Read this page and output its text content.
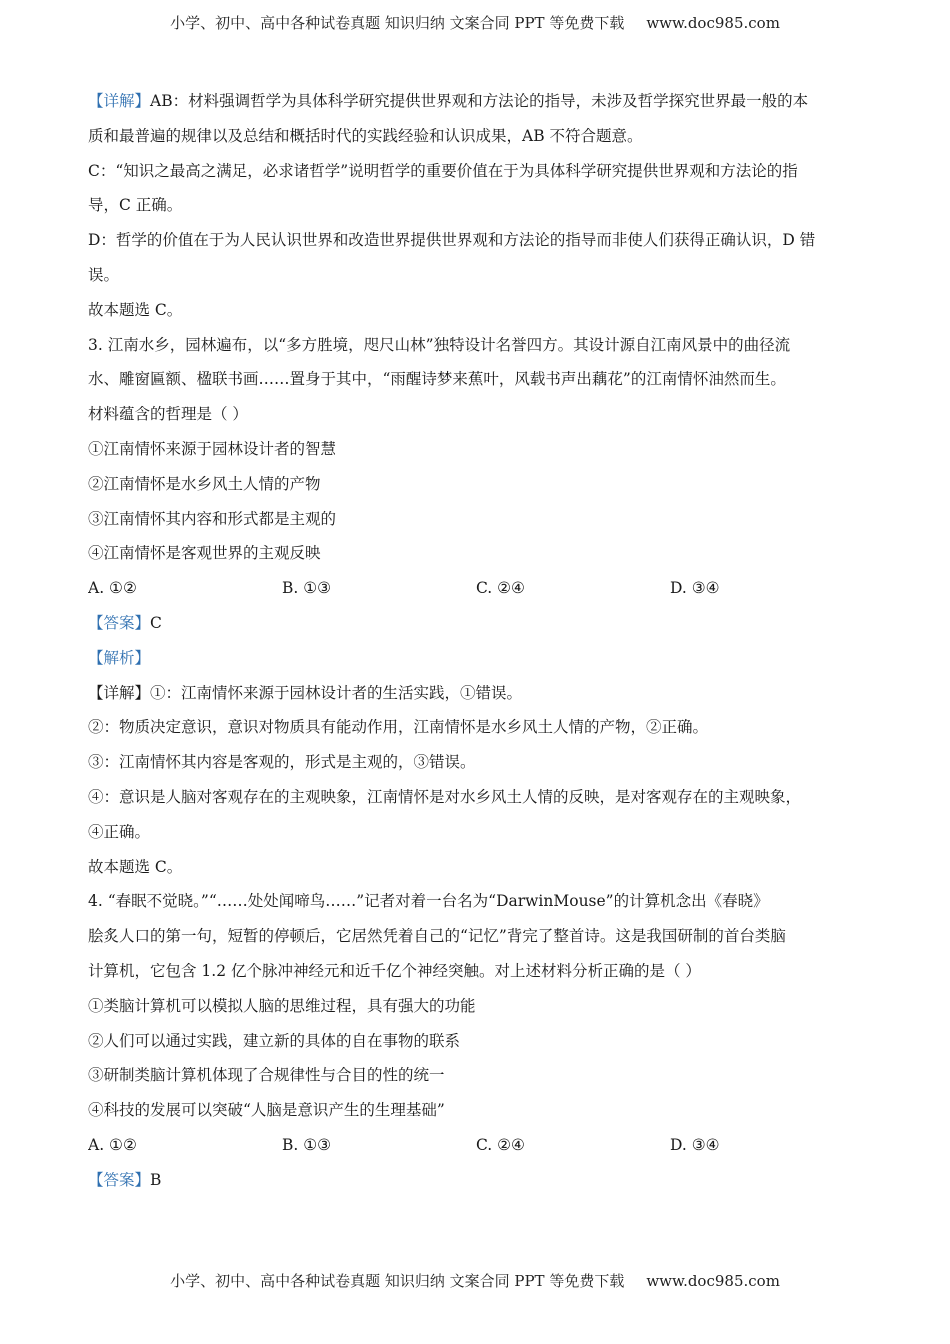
小学、初中、高中各种试卷真题 知识归纳 文案合同 PPT 等免费下载 www.doc985.com
【详解】AB：材料强调哲学为具体科学研究提供世界观和方法论的指导，未涉及哲学探究世界最一般的本
质和最普遍的规律以及总结和概括时代的实践经验和认识成果，AB 不符合题意。
C：“知识之最高之满足，必求诸哲学”说明哲学的重要价值在于为具体科学研究提供世界观和方法论的指
导，C 正确。
D：哲学的价值在于为人民认识世界和改造世界提供世界观和方法论的指导而非使人们获得正确认识，D 错
误。
故本题选 C。
3. 江南水乡，园林遍布，以“多方胜境，咫尺山林”独特设计名誉四方。其设计源自江南风景中的曲径流
水、雕窗匾额、楹联书画……置身于其中，“雨醒诗梦来蕉叶，风载书声出藕花”的江南情怀油然而生。
材料蕴含的哲理是（ ）
①江南情怀来源于园林设计者的智慧
②江南情怀是水乡风土人情的产物
③江南情怀其内容和形式都是主观的
④江南情怀是客观世界的主观反映
A. ①②	B. ①③	C. ②④	D. ③④
【答案】C
【解析】
【详解】①：江南情怀来源于园林设计者的生活实践，①错误。
②：物质决定意识，意识对物质具有能动作用，江南情怀是水乡风土人情的产物，②正确。
③：江南情怀其内容是客观的，形式是主观的，③错误。
④：意识是人脑对客观存在的主观映象，江南情怀是对水乡风土人情的反映，是对客观存在的主观映象，
④正确。
故本题选 C。
4. “春眠不觉晓。”“……处处闻啼鸟……”记者对着一台名为“DarwinMouse”的计算机念出《春晓》
脍炙人口的第一句，短暂的停顿后，它居然凭着自己的“记忆”背完了整首诗。这是我国研制的首台类脑
计算机，它包含 1.2 亿个脉冲神经元和近千亿个神经突触。对上述材料分析正确的是（ ）
①类脑计算机可以模拟人脑的思维过程，具有强大的功能
②人们可以通过实践，建立新的具体的自在事物的联系
③研制类脑计算机体现了合规律性与合目的性的统一
④科技的发展可以突破“人脑是意识产生的生理基础”
A. ①②	B. ①③	C. ②④	D. ③④
【答案】B
小学、初中、高中各种试卷真题 知识归纳 文案合同 PPT 等免费下载 www.doc985.com
